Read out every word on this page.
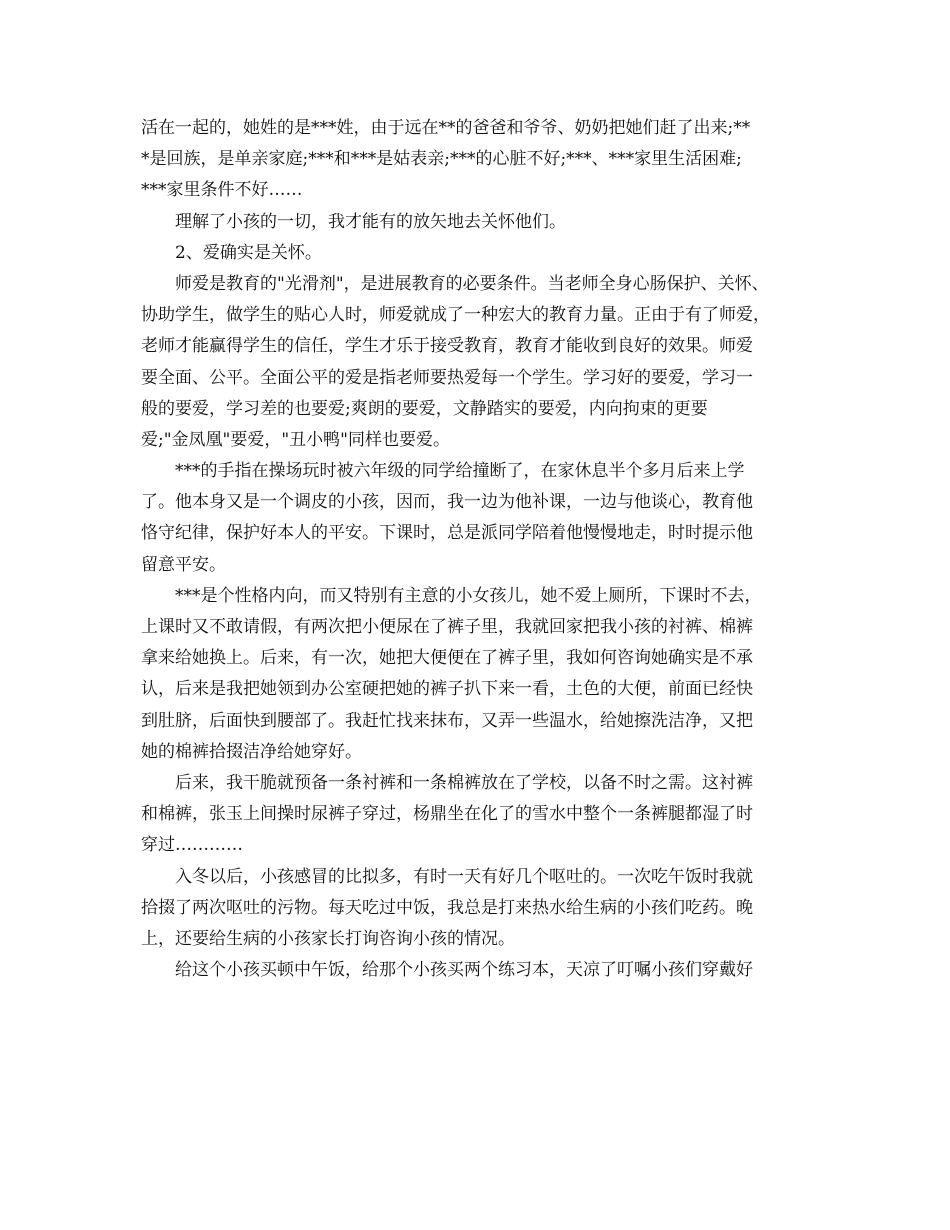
活在一起的，她姓的是***姓，由于远在**的爸爸和爷爷、奶奶把她们赶了出来;**
*是回族，是单亲家庭;***和***是姑表亲;***的心脏不好;***、***家里生活困难;
***家里条件不好……
理解了小孩的一切，我才能有的放矢地去关怀他们。
2、爱确实是关怀。
师爱是教育的"光滑剂"，是进展教育的必要条件。当老师全身心肠保护、关怀、
协助学生，做学生的贴心人时，师爱就成了一种宏大的教育力量。正由于有了师爱，
老师才能赢得学生的信任，学生才乐于接受教育，教育才能收到良好的效果。师爱
要全面、公平。全面公平的爱是指老师要热爱每一个学生。学习好的要爱，学习一
般的要爱，学习差的也要爱;爽朗的要爱，文静踏实的要爱，内向拘束的更要
爱;"金凤凰"要爱，"丑小鸭"同样也要爱。
***的手指在操场玩时被六年级的同学给撞断了，在家休息半个多月后来上学
了。他本身又是一个调皮的小孩，因而，我一边为他补课，一边与他谈心，教育他
恪守纪律，保护好本人的平安。下课时，总是派同学陪着他慢慢地走，时时提示他
留意平安。
***是个性格内向，而又特别有主意的小女孩儿，她不爱上厕所，下课时不去，
上课时又不敢请假，有两次把小便尿在了裤子里，我就回家把我小孩的衬裤、棉裤
拿来给她换上。后来，有一次，她把大便便在了裤子里，我如何咨询她确实是不承
认，后来是我把她领到办公室硬把她的裤子扒下来一看，土色的大便，前面已经快
到肚脐，后面快到腰部了。我赶忙找来抹布，又弄一些温水，给她擦洗洁净，又把
她的棉裤拾掇洁净给她穿好。
后来，我干脆就预备一条衬裤和一条棉裤放在了学校，以备不时之需。这衬裤
和棉裤，张玉上间操时尿裤子穿过，杨鼎坐在化了的雪水中整个一条裤腿都湿了时
穿过…………
入冬以后，小孩感冒的比拟多，有时一天有好几个呕吐的。一次吃午饭时我就
拾掇了两次呕吐的污物。每天吃过中饭，我总是打来热水给生病的小孩们吃药。晚
上，还要给生病的小孩家长打询咨询小孩的情况。
给这个小孩买顿中午饭，给那个小孩买两个练习本，天凉了叮嘱小孩们穿戴好
